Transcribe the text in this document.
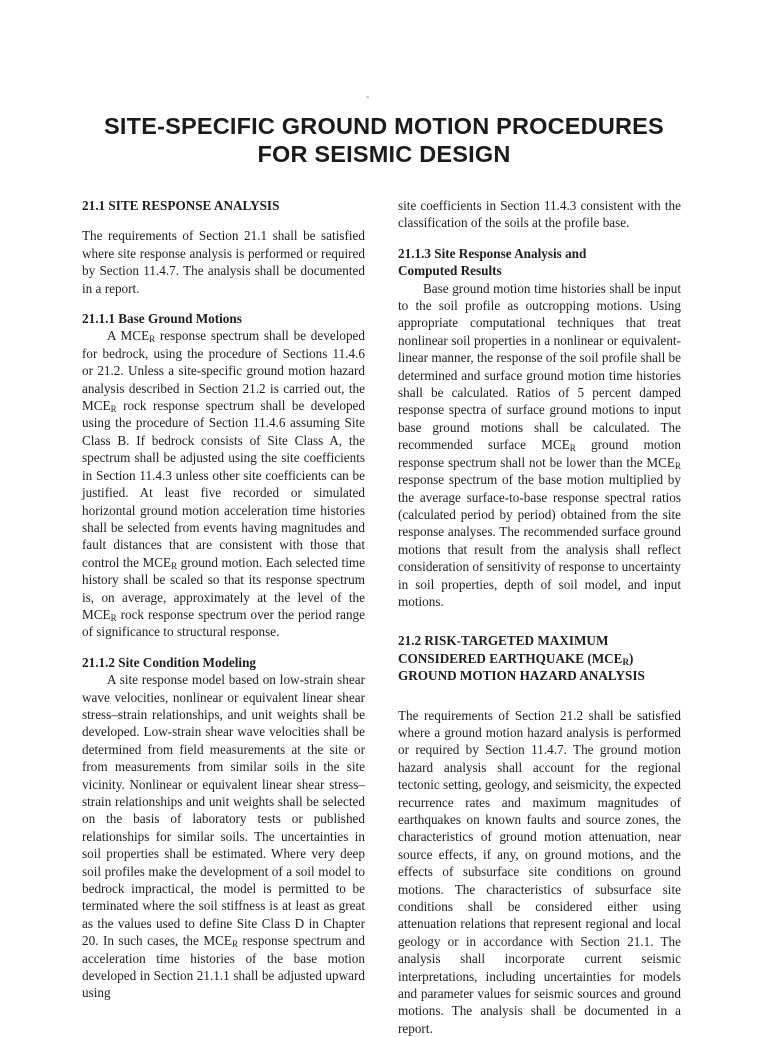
-
SITE-SPECIFIC GROUND MOTION PROCEDURES
FOR SEISMIC DESIGN
21.1 SITE RESPONSE ANALYSIS

The requirements of Section 21.1 shall be satisfied where site response analysis is performed or required by Section 11.4.7. The analysis shall be documented in a report.

21.1.1 Base Ground Motions

A $MCE_R$ response spectrum shall be developed for bedrock, using the procedure of Sections 11.4.6 or 21.2. Unless a site-specific ground motion hazard analysis described in Section 21.2 is carried out, the $MCE_R$ rock response spectrum shall be developed using the procedure of Section 11.4.6 assuming Site Class B. If bedrock consists of Site Class A, the spectrum shall be adjusted using the site coefficients in Section 11.4.3 unless other site coefficients can be justified. At least five recorded or simulated horizontal ground motion acceleration time histories shall be selected from events having magnitudes and fault distances that are consistent with those that control the $MCE_R$ ground motion. Each selected time history shall be scaled so that its response spectrum is, on average, approximately at the level of the $MCE_R$ rock response spectrum over the period range of significance to structural response.

21.1.2 Site Condition Modeling

A site response model based on low-strain shear wave velocities, nonlinear or equivalent linear shear stress–strain relationships, and unit weights shall be developed. Low-strain shear wave velocities shall be determined from field measurements at the site or from measurements from similar soils in the site vicinity. Nonlinear or equivalent linear shear stress–strain relationships and unit weights shall be selected on the basis of laboratory tests or published relationships for similar soils. The uncertainties in soil properties shall be estimated. Where very deep soil profiles make the development of a soil model to bedrock impractical, the model is permitted to be terminated where the soil stiffness is at least as great as the values used to define Site Class D in Chapter 20. In such cases, the $MCE_R$ response spectrum and acceleration time histories of the base motion developed in Section 21.1.1 shall be adjusted upward using

site coefficients in Section 11.4.3 consistent with the classification of the soils at the profile base.

21.1.3 Site Response Analysis and
Computed Results

Base ground motion time histories shall be input to the soil profile as outcropping motions. Using appropriate computational techniques that treat nonlinear soil properties in a nonlinear or equivalent-linear manner, the response of the soil profile shall be determined and surface ground motion time histories shall be calculated. Ratios of 5 percent damped response spectra of surface ground motions to input base ground motions shall be calculated. The recommended surface $MCE_R$ ground motion response spectrum shall not be lower than the $MCE_R$ response spectrum of the base motion multiplied by the average surface-to-base response spectral ratios (calculated period by period) obtained from the site response analyses. The recommended surface ground motions that result from the analysis shall reflect consideration of sensitivity of response to uncertainty in soil properties, depth of soil model, and input motions.

21.2 RISK-TARGETED MAXIMUM
CONSIDERED EARTHQUAKE $(MCE_R)$
GROUND MOTION HAZARD ANALYSIS

The requirements of Section 21.2 shall be satisfied where a ground motion hazard analysis is performed or required by Section 11.4.7. The ground motion hazard analysis shall account for the regional tectonic setting, geology, and seismicity, the expected recurrence rates and maximum magnitudes of earthquakes on known faults and source zones, the characteristics of ground motion attenuation, near source effects, if any, on ground motions, and the effects of subsurface site conditions on ground motions. The characteristics of subsurface site conditions shall be considered either using attenuation relations that represent regional and local geology or in accordance with Section 21.1. The analysis shall incorporate current seismic interpretations, including uncertainties for models and parameter values for seismic sources and ground motions. The analysis shall be documented in a report.
